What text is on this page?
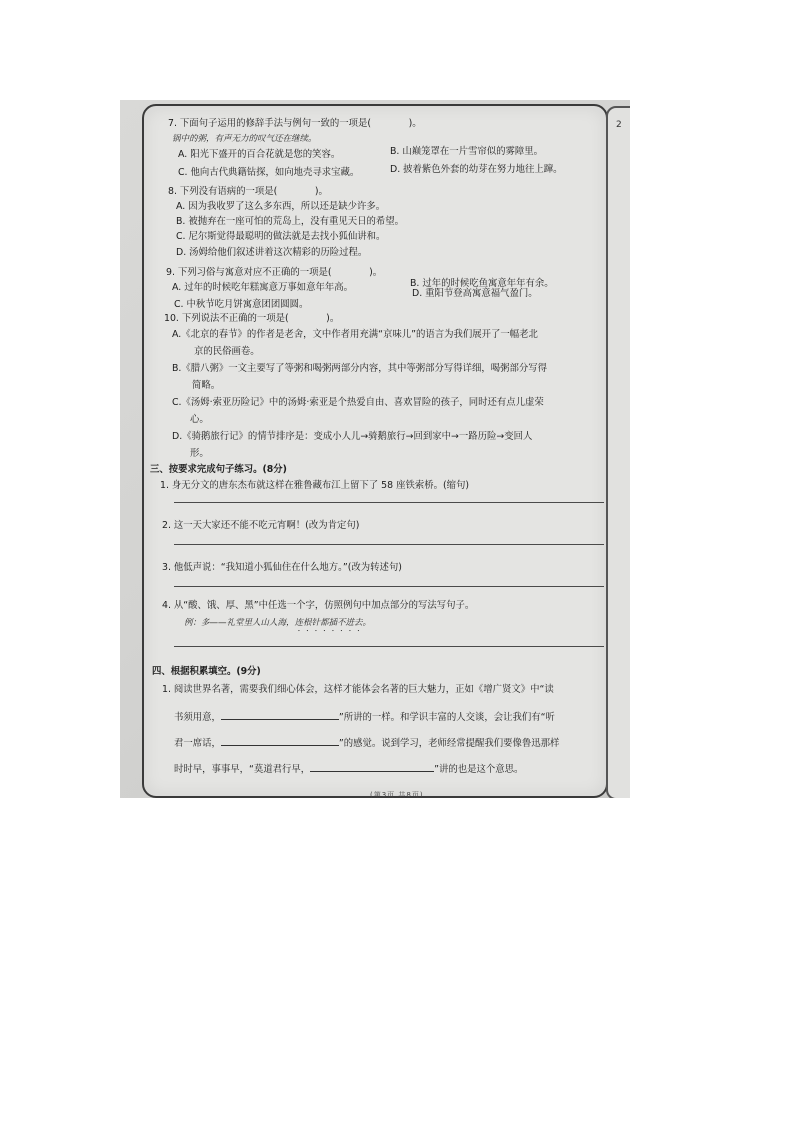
7. 下面句子运用的修辞手法与例句一致的一项是(　　　　)。
锅中的粥，有声无力的叹气还在继续。
A. 阳光下盛开的百合花就是您的笑容。	B. 山巅笼罩在一片雪帘似的雾障里。
C. 他向古代典籍钻探，如向地壳寻求宝藏。	D. 披着紫色外套的幼芽在努力地往上蹿。
8. 下列没有语病的一项是(　　　　)。
A. 因为我收罗了这么多东西，所以还是缺少许多。
B. 被抛弃在一座可怕的荒岛上，没有重见天日的希望。
C. 尼尔斯觉得最聪明的做法就是去找小狐仙讲和。
D. 汤姆给他们叙述讲着这次精彩的历险过程。
9. 下列习俗与寓意对应不正确的一项是(　　　　)。
A. 过年的时候吃年糕寓意万事如意年年高。	B. 过年的时候吃鱼寓意年年有余。
C. 中秋节吃月饼寓意团团圆圆。
D. 重阳节登高寓意福气盈门。
10. 下列说法不正确的一项是(　　　　)。
A.《北京的春节》的作者是老舍，文中作者用充满“京味儿”的语言为我们展开了一幅老北
京的民俗画卷。
B.《腊八粥》一文主要写了等粥和喝粥两部分内容，其中等粥部分写得详细，喝粥部分写得
简略。
C.《汤姆·索亚历险记》中的汤姆·索亚是个热爱自由、喜欢冒险的孩子，同时还有点儿虚荣
心。
D.《骑鹅旅行记》的情节排序是：变成小人儿→骑鹅旅行→回到家中→一路历险→变回人
形。
三、按要求完成句子练习。(8分)
1. 身无分文的唐东杰布就这样在雅鲁藏布江上留下了 58 座铁索桥。(缩句)
2. 这一天大家还不能不吃元宵啊！(改为肯定句)
3. 他低声说：“我知道小狐仙住在什么地方。”(改为转述句)
4. 从“酸、饿、厚、黑”中任选一个字，仿照例句中加点部分的写法写句子。
例：多——礼堂里人山人海，连根针都插不进去。
四、根据积累填空。(9分)
1. 阅读世界名著，需要我们细心体会，这样才能体会名著的巨大魅力，正如《增广贤文》中“读
书须用意，	”所讲的一样。和学识丰富的人交谈，会让我们有“听
君一席话，	”的感觉。说到学习，老师经常提醒我们要像鲁迅那样
时时早，事事早，“莫道君行早，	”讲的也是这个意思。
2
(第3页 共8页)
